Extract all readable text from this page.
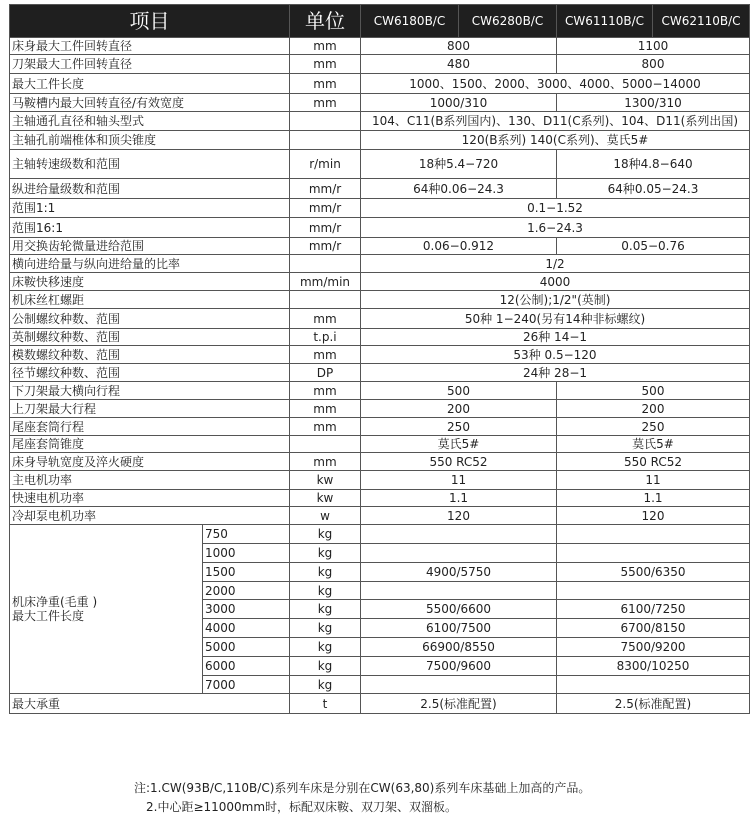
项目		单位	CW6180B/C	CW6280B/C	CW61110B/C	CW62110B/C
床身最大工件回转直径		mm	800		1100	
刀架最大工件回转直径		mm	480		800	
最大工件长度		mm	1000、1500、2000、3000、4000、5000−14000			
马鞍槽内最大回转直径/有效宽度		mm	1000/310		1300/310	
主轴通孔直径和轴头型式			104、C11(B系列国内)、130、D11(C系列)、104、D11(系列出国)			
主轴孔前端椎体和顶尖锥度			120(B系列) 140(C系列)、莫氏5#			
主轴转速级数和范围		r/min	18种5.4−720		18种4.8−640	
纵进给量级数和范围		mm/r	64种0.06−24.3		64种0.05−24.3	
范围1:1		mm/r	0.1−1.52			
范围16:1		mm/r	1.6−24.3			
用交换齿轮微量进给范围		mm/r	0.06−0.912		0.05−0.76	
横向进给量与纵向进给量的比率			1/2			
床鞍快移速度		mm/min	4000			
机床丝杠螺距			12(公制);1/2"(英制)			
公制螺纹种数、范围		mm	50种 1−240(另有14种非标螺纹)			
英制螺纹种数、范围		t.p.i	26种 14−1			
模数螺纹种数、范围		mm	53种 0.5−120			
径节螺纹种数、范围		DP	24种 28−1			
下刀架最大横向行程		mm	500		500	
上刀架最大行程		mm	200		200	
尾座套筒行程		mm	250		250	
尾座套筒锥度			莫氏5#		莫氏5#	
床身导轨宽度及淬火硬度		mm	550 RC52		550 RC52	
主电机功率		kw	11		11	
快速电机功率		kw	1.1		1.1	
冷却泵电机功率		w	120		120	

机床净重(毛重 )
最大工件长度	750	kg				
	1000	kg				
	1500	kg	4900/5750		5500/6350	
	2000	kg				
	3000	kg	5500/6600		6100/7250	
	4000	kg	6100/7500		6700/8150	
	5000	kg	66900/8550		7500/9200	
	6000	kg	7500/9600		8300/10250	
	7000	kg				
最大承重		t	2.5(标准配置)		2.5(标准配置)	
注:1.CW(93B/C,110B/C)系列车床是分别在CW(63,80)系列车床基础上加高的产品。
2.中心距≥11000mm时，标配双床鞍、双刀架、双溜板。
